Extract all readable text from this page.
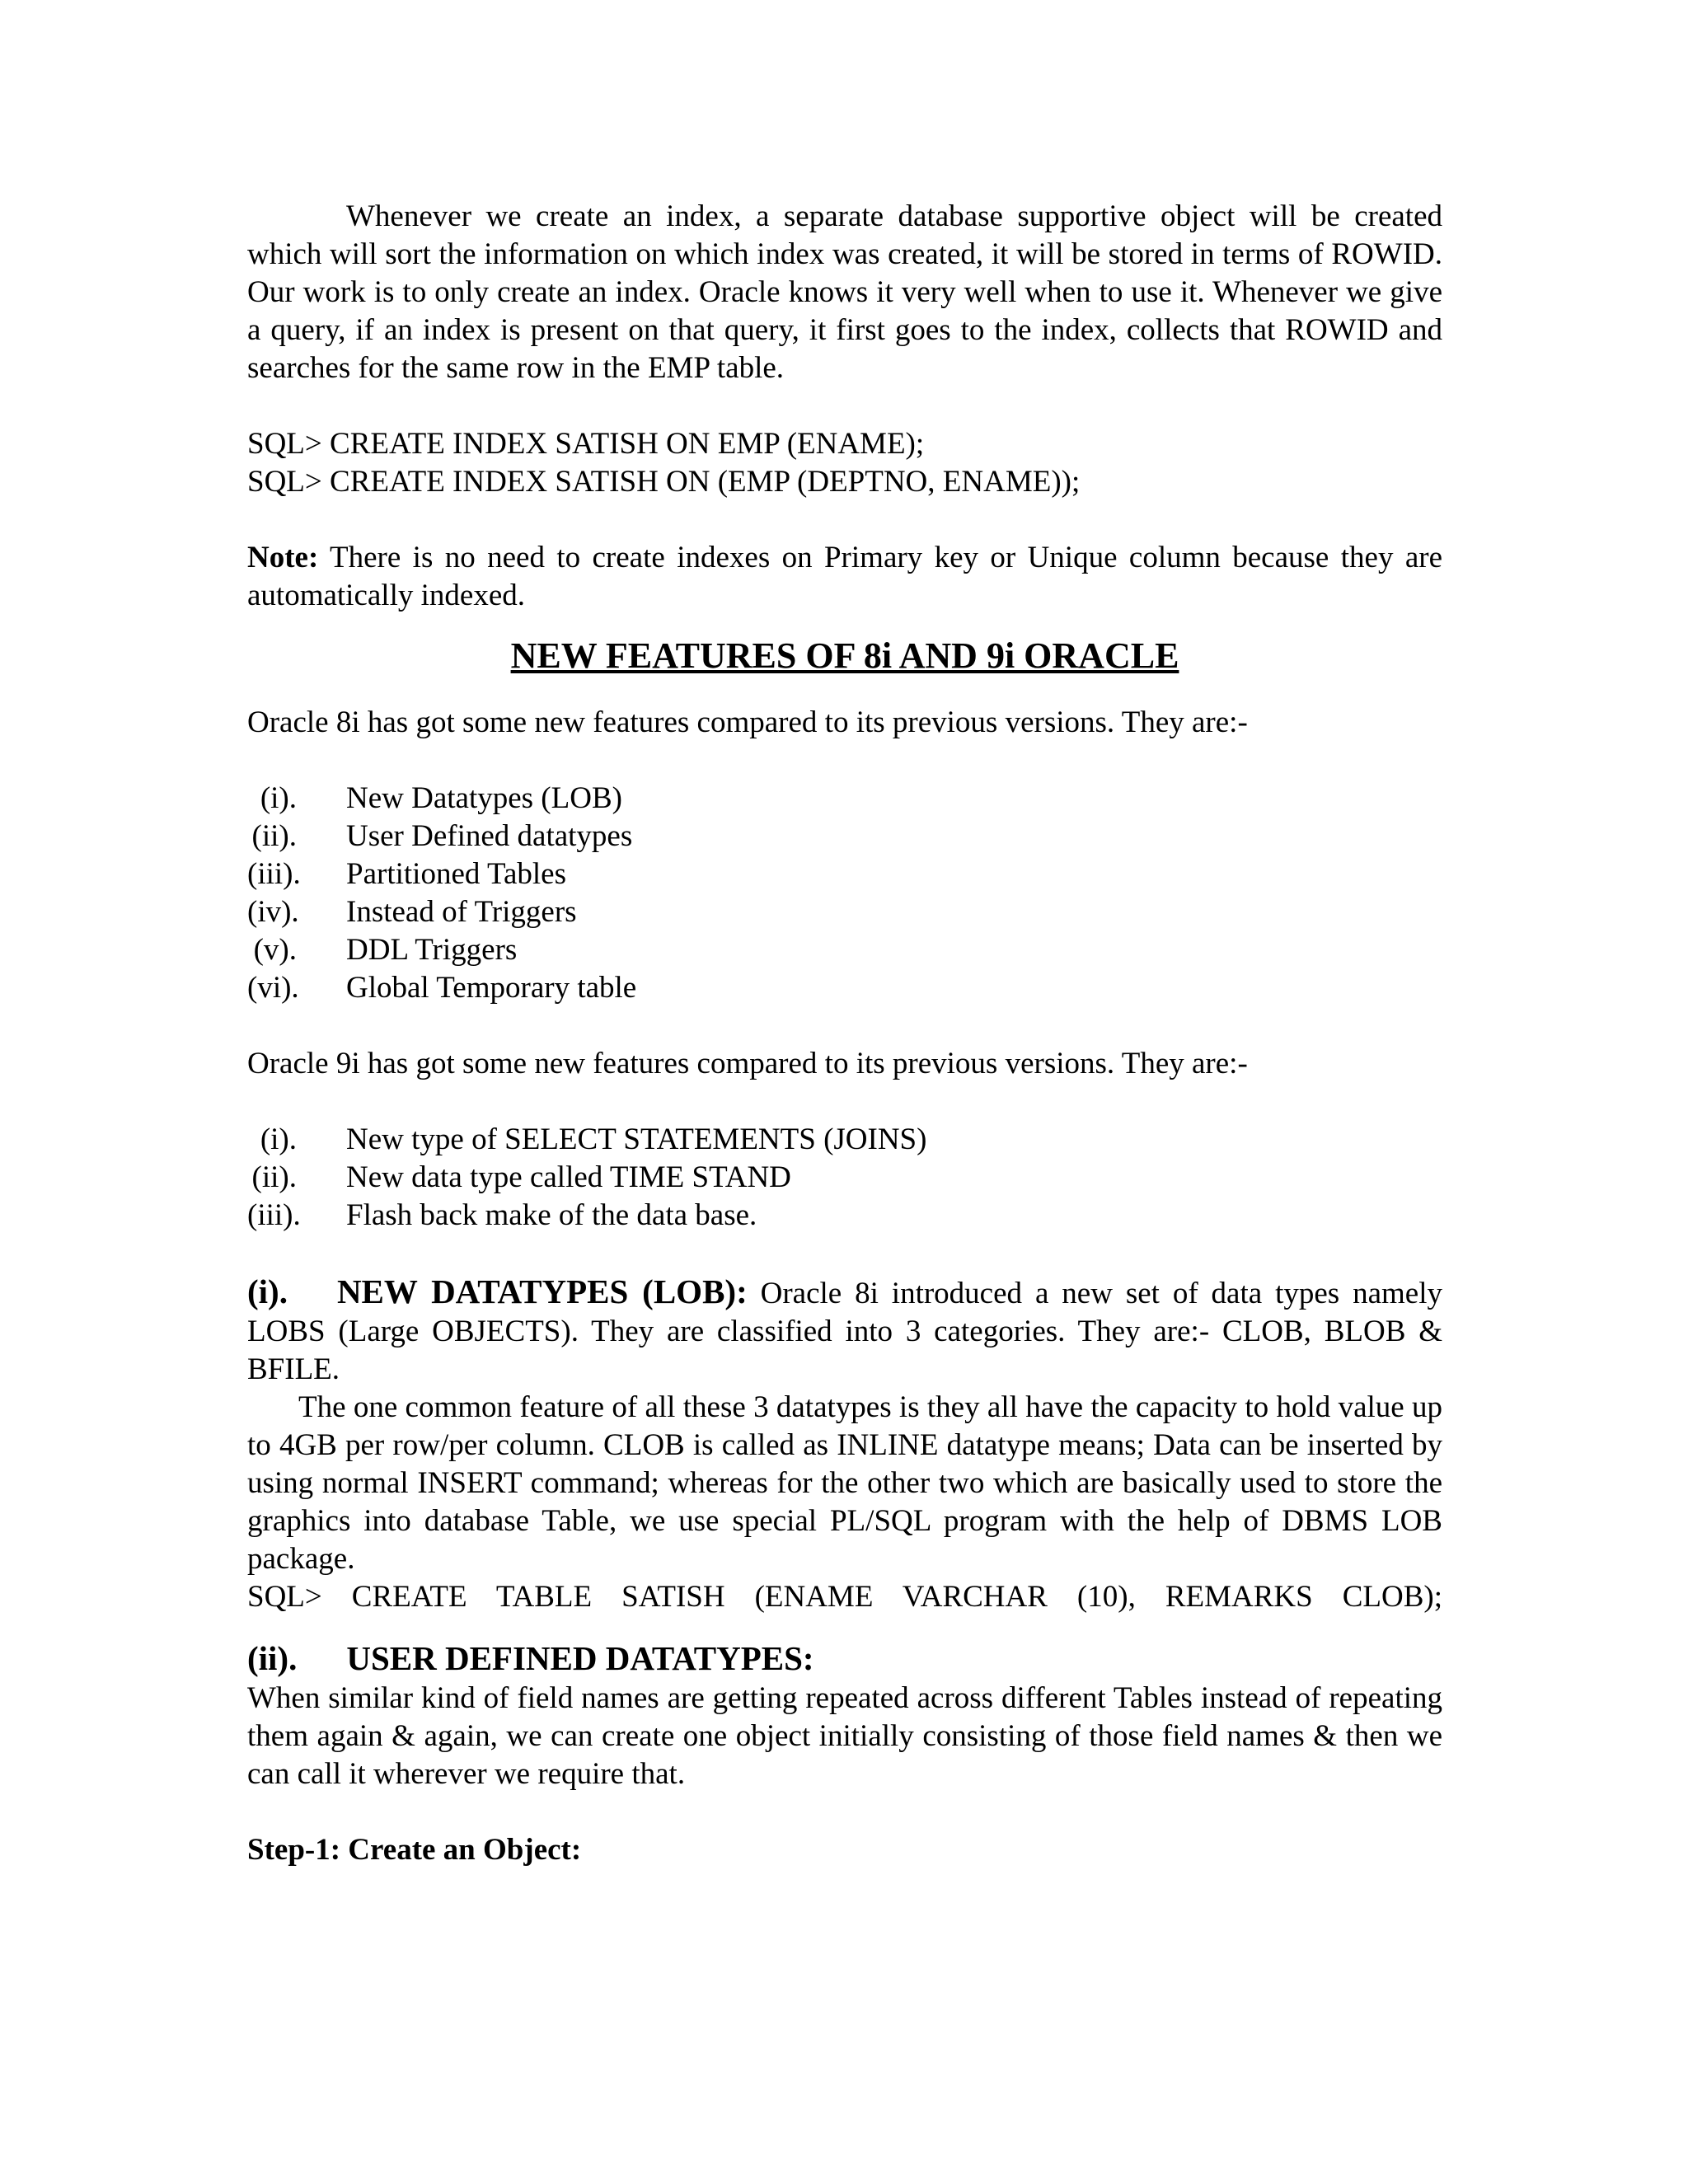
Whenever we create an index, a separate database supportive object will be created which will sort the information on which index was created, it will be stored in terms of ROWID. Our work is to only create an index. Oracle knows it very well when to use it. Whenever we give a query, if an index is present on that query, it first goes to the index, collects that ROWID and searches for the same row in the EMP table.

SQL> CREATE INDEX SATISH ON EMP (ENAME);

SQL> CREATE INDEX SATISH ON (EMP (DEPTNO, ENAME));

Note: There is no need to create indexes on Primary key or Unique column because they are automatically indexed.

NEW FEATURES OF 8i AND 9i ORACLE

Oracle 8i has got some new features compared to its previous versions. They are:-

(i).	New Datatypes (LOB)
(ii).	User Defined datatypes
(iii).	Partitioned Tables
(iv).	Instead of Triggers
(v).	DDL Triggers
(vi).	Global Temporary table

Oracle 9i has got some new features compared to its previous versions. They are:-

(i).	New type of SELECT STATEMENTS (JOINS)
(ii).	New data type called TIME STAND
(iii).	Flash back make of the data base.

(i). NEW DATATYPES (LOB): Oracle 8i introduced a new set of data types namely LOBS (Large OBJECTS). They are classified into 3 categories. They are:- CLOB, BLOB & BFILE.

The one common feature of all these 3 datatypes is they all have the capacity to hold value up to 4GB per row/per column. CLOB is called as INLINE datatype means; Data can be inserted by using normal INSERT command; whereas for the other two which are basically used to store the graphics into database Table, we use special PL/SQL program with the help of DBMS LOB package.

SQL> CREATE TABLE SATISH (ENAME VARCHAR (10), REMARKS CLOB);

(ii). USER DEFINED DATATYPES:

When similar kind of field names are getting repeated across different Tables instead of repeating them again & again, we can create one object initially consisting of those field names & then we can call it wherever we require that.

Step-1: Create an Object:
